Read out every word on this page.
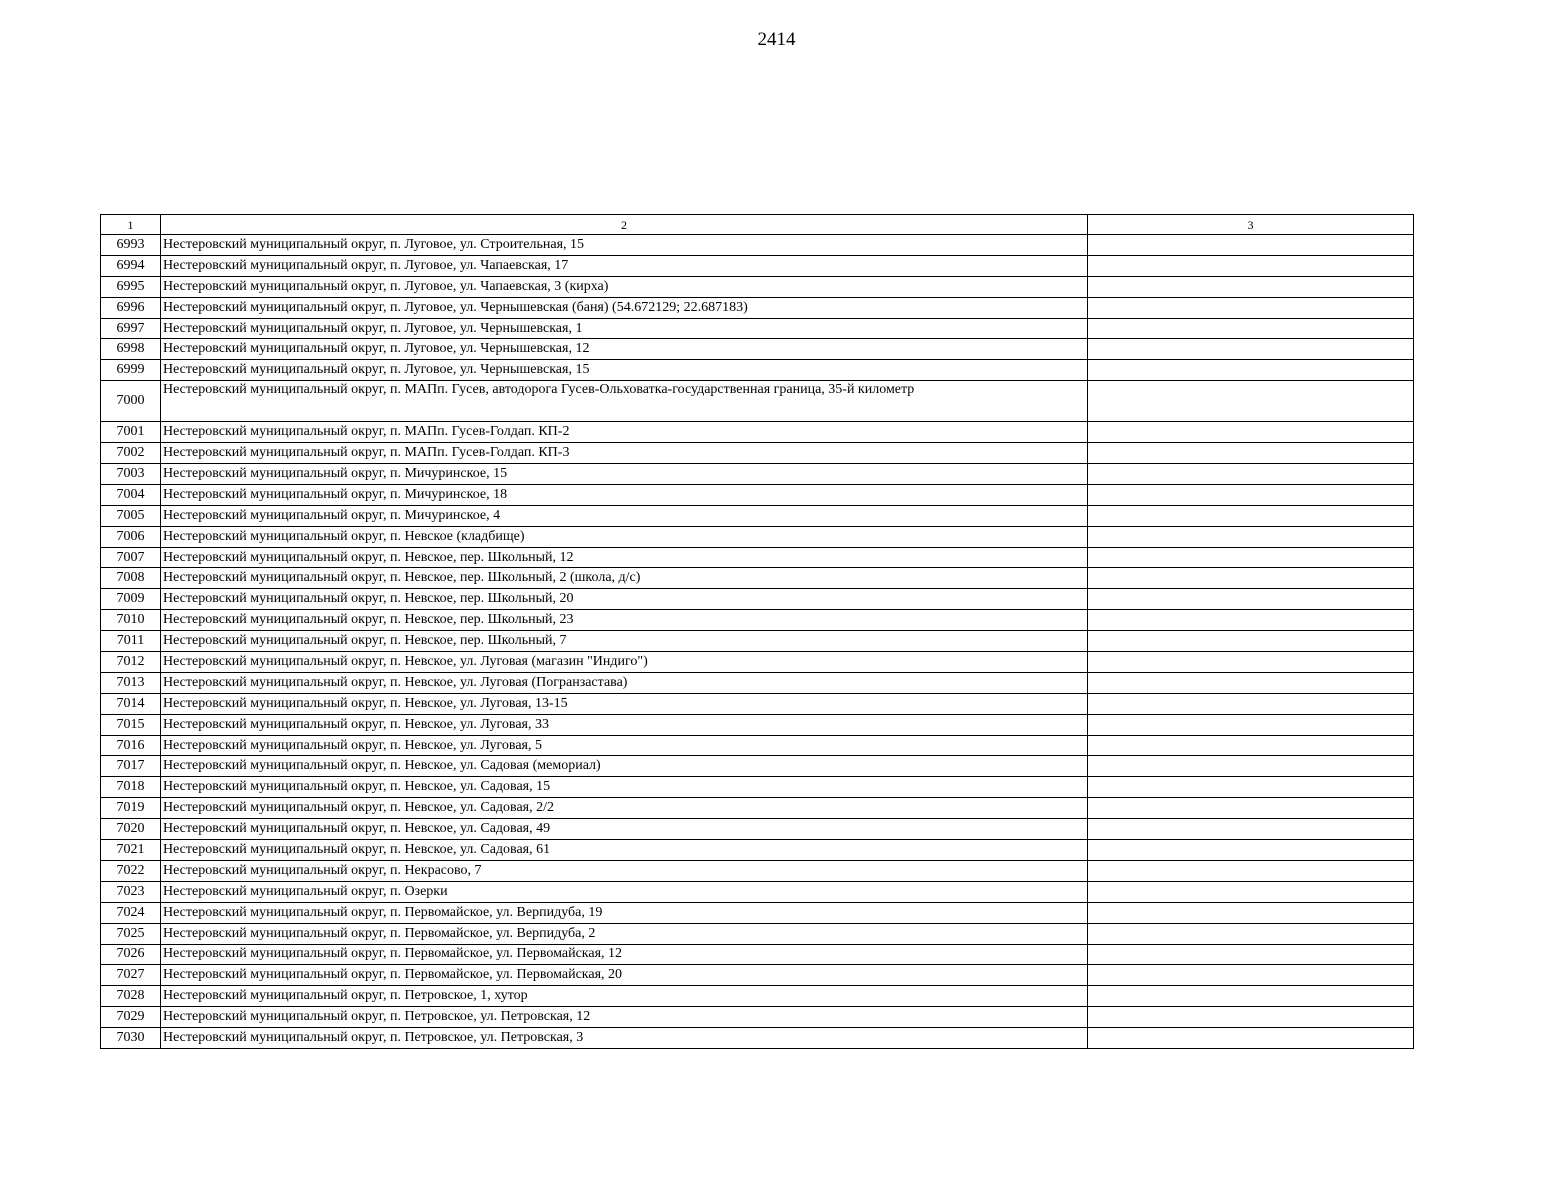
2414
1	2	3
6993	Нестеровский муниципальный округ, п. Луговое, ул. Строительная, 15	
6994	Нестеровский муниципальный округ, п. Луговое, ул. Чапаевская, 17	
6995	Нестеровский муниципальный округ, п. Луговое, ул. Чапаевская, 3 (кирха)	
6996	Нестеровский муниципальный округ, п. Луговое, ул. Чернышевская (баня) (54.672129; 22.687183)	
6997	Нестеровский муниципальный округ, п. Луговое, ул. Чернышевская, 1	
6998	Нестеровский муниципальный округ, п. Луговое, ул. Чернышевская, 12	
6999	Нестеровский муниципальный округ, п. Луговое, ул. Чернышевская, 15	
7000	Нестеровский муниципальный округ, п. МАПп. Гусев, автодорога Гусев-Ольховатка-государственная граница, 35-й километр	
7001	Нестеровский муниципальный округ, п. МАПп. Гусев-Голдап. КП-2	
7002	Нестеровский муниципальный округ, п. МАПп. Гусев-Голдап. КП-3	
7003	Нестеровский муниципальный округ, п. Мичуринское, 15	
7004	Нестеровский муниципальный округ, п. Мичуринское, 18	
7005	Нестеровский муниципальный округ, п. Мичуринское, 4	
7006	Нестеровский муниципальный округ, п. Невское (кладбище)	
7007	Нестеровский муниципальный округ, п. Невское, пер. Школьный, 12	
7008	Нестеровский муниципальный округ, п. Невское, пер. Школьный, 2 (школа, д/с)	
7009	Нестеровский муниципальный округ, п. Невское, пер. Школьный, 20	
7010	Нестеровский муниципальный округ, п. Невское, пер. Школьный, 23	
7011	Нестеровский муниципальный округ, п. Невское, пер. Школьный, 7	
7012	Нестеровский муниципальный округ, п. Невское, ул. Луговая (магазин "Индиго")	
7013	Нестеровский муниципальный округ, п. Невское, ул. Луговая (Погранзастава)	
7014	Нестеровский муниципальный округ, п. Невское, ул. Луговая, 13-15	
7015	Нестеровский муниципальный округ, п. Невское, ул. Луговая, 33	
7016	Нестеровский муниципальный округ, п. Невское, ул. Луговая, 5	
7017	Нестеровский муниципальный округ, п. Невское, ул. Садовая (мемориал)	
7018	Нестеровский муниципальный округ, п. Невское, ул. Садовая, 15	
7019	Нестеровский муниципальный округ, п. Невское, ул. Садовая, 2/2	
7020	Нестеровский муниципальный округ, п. Невское, ул. Садовая, 49	
7021	Нестеровский муниципальный округ, п. Невское, ул. Садовая, 61	
7022	Нестеровский муниципальный округ, п. Некрасово, 7	
7023	Нестеровский муниципальный округ, п. Озерки	
7024	Нестеровский муниципальный округ, п. Первомайское, ул. Верпидуба, 19	
7025	Нестеровский муниципальный округ, п. Первомайское, ул. Верпидуба, 2	
7026	Нестеровский муниципальный округ, п. Первомайское, ул. Первомайская, 12	
7027	Нестеровский муниципальный округ, п. Первомайское, ул. Первомайская, 20	
7028	Нестеровский муниципальный округ, п. Петровское, 1, хутор	
7029	Нестеровский муниципальный округ, п. Петровское, ул. Петровская, 12	
7030	Нестеровский муниципальный округ, п. Петровское, ул. Петровская, 3	
